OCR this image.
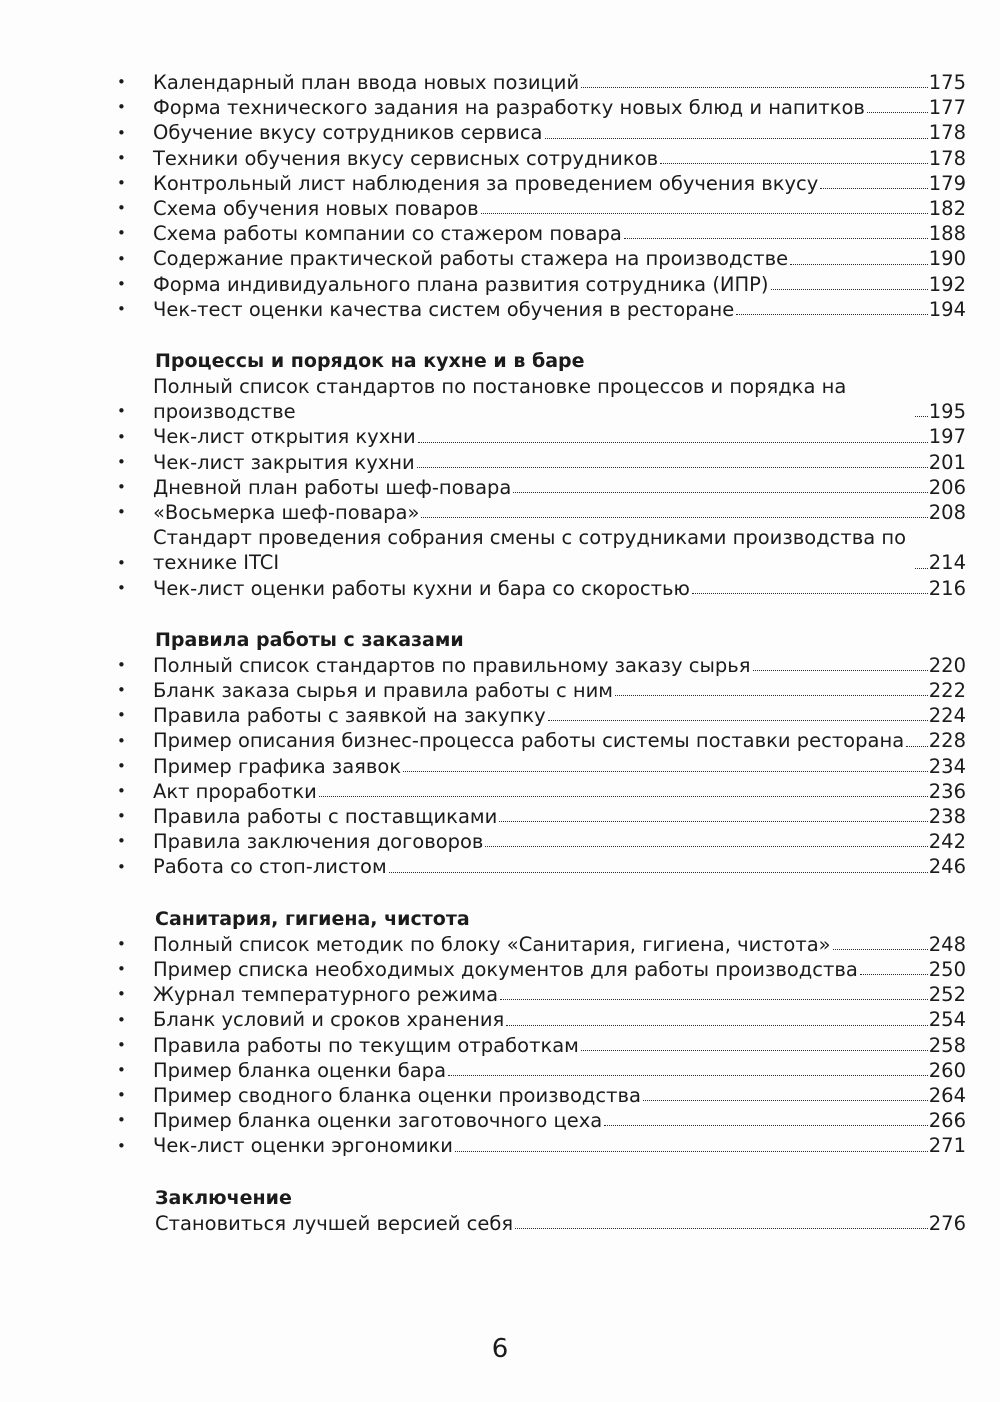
• Календарный план ввода новых позиций	175
• Форма технического задания на разработку новых блюд и напитков	177
• Обучение вкусу сотрудников сервиса	178
• Техники обучения вкусу сервисных сотрудников	178
• Контрольный лист наблюдения за проведением обучения вкусу	179
• Схема обучения новых поваров	182
• Схема работы компании со стажером повара	188
• Содержание практической работы стажера на производстве	190
• Форма индивидуального плана развития сотрудника (ИПР)	192
• Чек-тест оценки качества систем обучения в ресторане	194
Процессы и порядок на кухне и в баре
•
Полный список стандартов по постановке процессов и порядка на производстве	195
• Чек-лист открытия кухни	197
• Чек-лист закрытия кухни	201
• Дневной план работы шеф-повара	206
• «Восьмерка шеф-повара»	208
•
Стандарт проведения собрания смены с сотрудниками производства по технике ITCI	214
• Чек-лист оценки работы кухни и бара со скоростью	216
Правила работы с заказами
• Полный список стандартов по правильному заказу сырья	220
• Бланк заказа сырья и правила работы с ним	222
• Правила работы с заявкой на закупку	224
• Пример описания бизнес-процесса работы системы поставки ресторана 228
• Пример графика заявок	234
• Акт проработки	236
• Правила работы с поставщиками	238
• Правила заключения договоров	242
• Работа со стоп-листом	246
Санитария, гигиена, чистота
• Полный список методик по блоку «Санитария, гигиена, чистота»	248
• Пример списка необходимых документов для работы производства	250
• Журнал температурного режима	252
• Бланк условий и сроков хранения	254
• Правила работы по текущим отработкам	258
• Пример бланка оценки бара	260
• Пример сводного бланка оценки производства	264
• Пример бланка оценки заготовочного цеха	266
• Чек-лист оценки эргономики	271
Заключение
Становиться лучшей версией себя	276
6
